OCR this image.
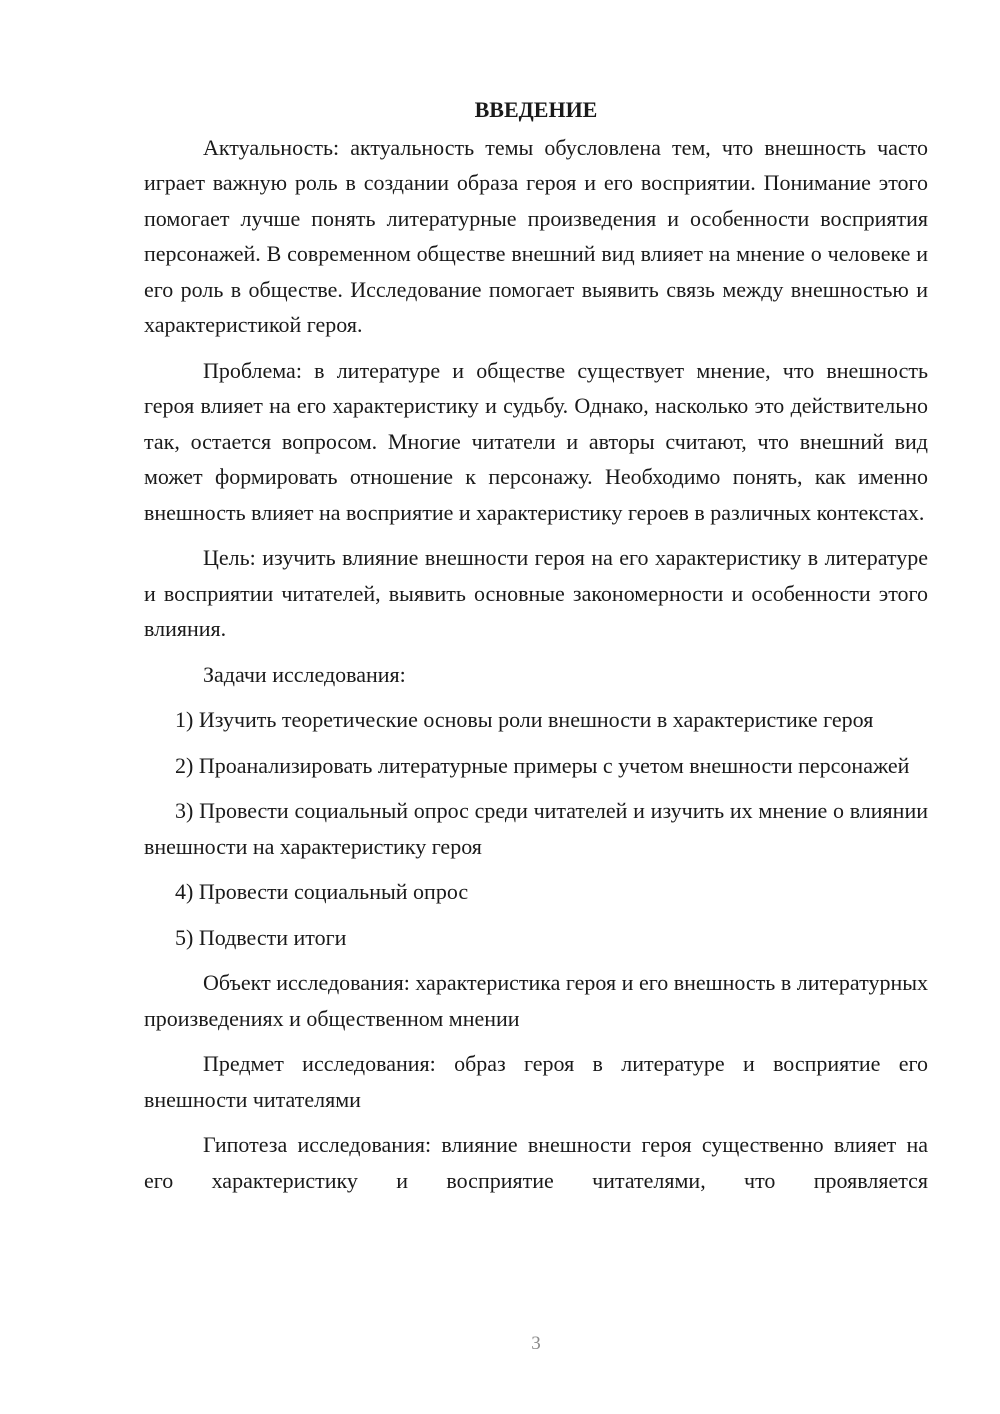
ВВЕДЕНИЕ

Актуальность: актуальность темы обусловлена тем, что внешность часто играет важную роль в создании образа героя и его восприятии. Понимание этого помогает лучше понять литературные произведения и особенности восприятия персонажей. В современном обществе внешний вид влияет на мнение о человеке и его роль в обществе. Исследование помогает выявить связь между внешностью и характеристикой героя.

Проблема: в литературе и обществе существует мнение, что внешность героя влияет на его характеристику и судьбу. Однако, насколько это действительно так, остается вопросом. Многие читатели и авторы считают, что внешний вид может формировать отношение к персонажу. Необходимо понять, как именно внешность влияет на восприятие и характеристику героев в различных контекстах.

Цель: изучить влияние внешности героя на его характеристику в литературе и восприятии читателей, выявить основные закономерности и особенности этого влияния.

Задачи исследования:

1) Изучить теоретические основы роли внешности в характеристике героя

2) Проанализировать литературные примеры с учетом внешности персонажей

3) Провести социальный опрос среди читателей и изучить их мнение о влиянии внешности на характеристику героя

4) Провести социальный опрос

5) Подвести итоги

Объект исследования: характеристика героя и его внешность в литературных произведениях и общественном мнении

Предмет исследования: образ героя в литературе и восприятие его внешности читателями

Гипотеза исследования: влияние внешности героя существенно влияет на его характеристику и восприятие читателями, что проявляется

3
